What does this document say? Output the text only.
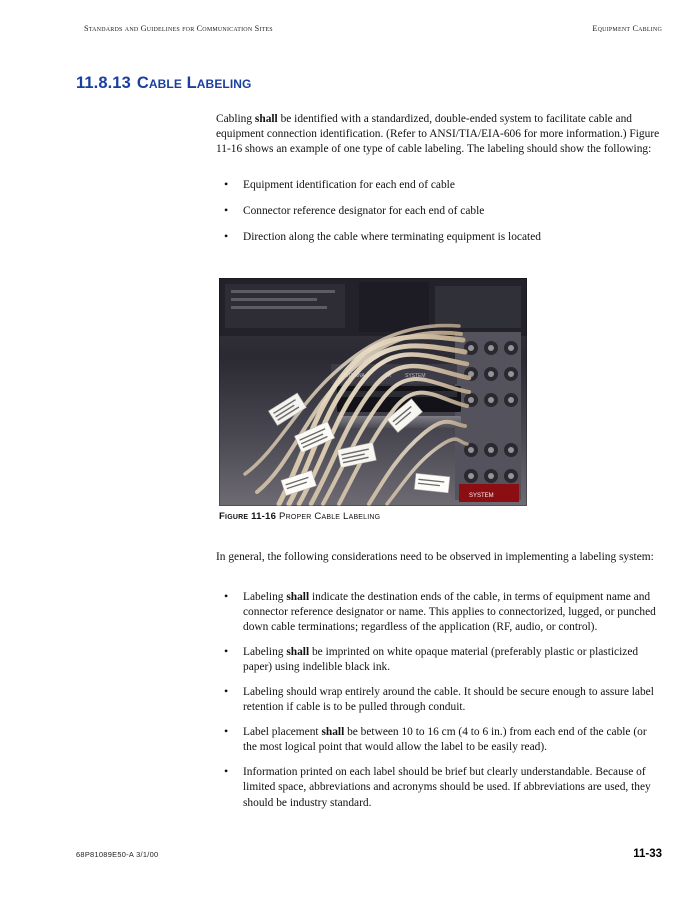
Standards and Guidelines for Communication Sites	Equipment Cabling
11.8.13 Cable Labeling

Cabling shall be identified with a standardized, double-ended system to facilitate cable and equipment connection identification. (Refer to ANSI/TIA/EIA-606 for more information.) Figure 11-16 shows an example of one type of cable labeling. The labeling should show the following:

• Equipment identification for each end of cable
• Connector reference designator for each end of cable
• Direction along the cable where terminating equipment is located
ANTENNA	TX	SYSTEM
SYSTEM
Figure 11-16 Proper Cable Labeling

In general, the following considerations need to be observed in implementing a labeling system:

• Labeling shall indicate the destination ends of the cable, in terms of equipment name and connector reference designator or name. This applies to connectorized, lugged, or punched down cable terminations; regardless of the application (RF, audio, or control).
• Labeling shall be imprinted on white opaque material (preferably plastic or plasticized paper) using indelible black ink.
• Labeling should wrap entirely around the cable. It should be secure enough to assure label retention if cable is to be pulled through conduit.
• Label placement shall be between 10 to 16 cm (4 to 6 in.) from each end of the cable (or the most logical point that would allow the label to be easily read).
• Information printed on each label should be brief but clearly understandable. Because of limited space, abbreviations and acronyms should be used. If abbreviations are used, they should be industry standard.
68P81089E50-A 3/1/00	11-33
